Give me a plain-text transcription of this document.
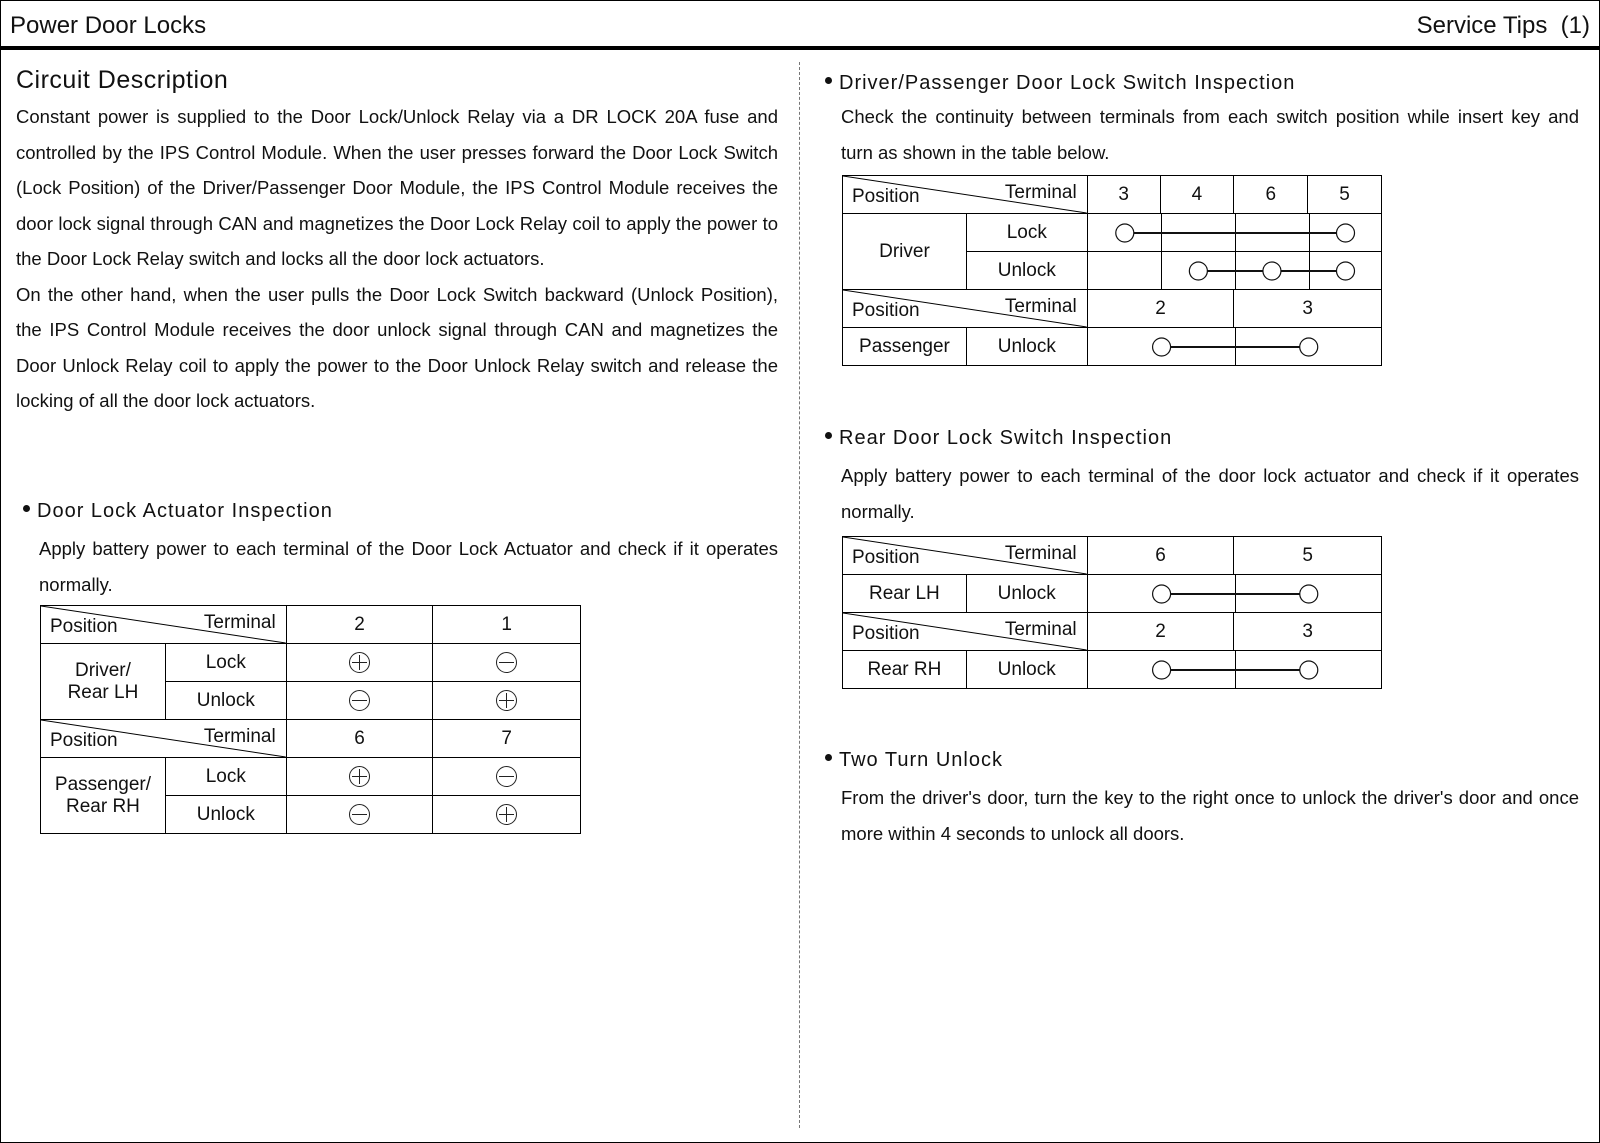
Power Door Locks	Service Tips  (1)
Circuit Description

Constant power is supplied to the Door Lock/Unlock Relay via a DR LOCK 20A fuse and controlled by the IPS Control Module. When the user presses forward the Door Lock Switch (Lock Position) of the Driver/Passenger Door Module, the IPS Control Module receives the door lock signal through CAN and magnetizes the Door Lock Relay coil to apply the power to the Door Lock Relay switch and locks all the door lock actuators.

On the other hand, when the user pulls the Door Lock Switch backward (Unlock Position), the IPS Control Module receives the door unlock signal through CAN and magnetizes the Door Unlock Relay coil to apply the power to the Door Unlock Relay switch and release the locking of all the door lock actuators.

Door Lock Actuator Inspection
Apply battery power to each terminal of the Door Lock Actuator and check if it operates normally.
Terminal
Position		2	1
Driver/
Rear LH	Lock		
	Unlock		

Terminal
Position		6	7
Passenger/
Rear RH	Lock		
	Unlock		
Driver/Passenger Door Lock Switch Inspection
Check the continuity between terminals from each switch position while insert key and turn as shown in the table below.
Terminal
Position		3	4	6	5
Driver	Lock	

	Unlock	

Terminal
Position		2		3	
Passenger	Unlock	
Rear Door Lock Switch Inspection
Apply battery power to each terminal of the door lock actuator and check if it operates normally.
Terminal
Position		6	5
Rear LH	Unlock	

Terminal
Position		2	3
Rear RH	Unlock	
Two Turn Unlock
From the driver's door, turn the key to the right once to unlock the driver's door and once more within 4 seconds to unlock all doors.
